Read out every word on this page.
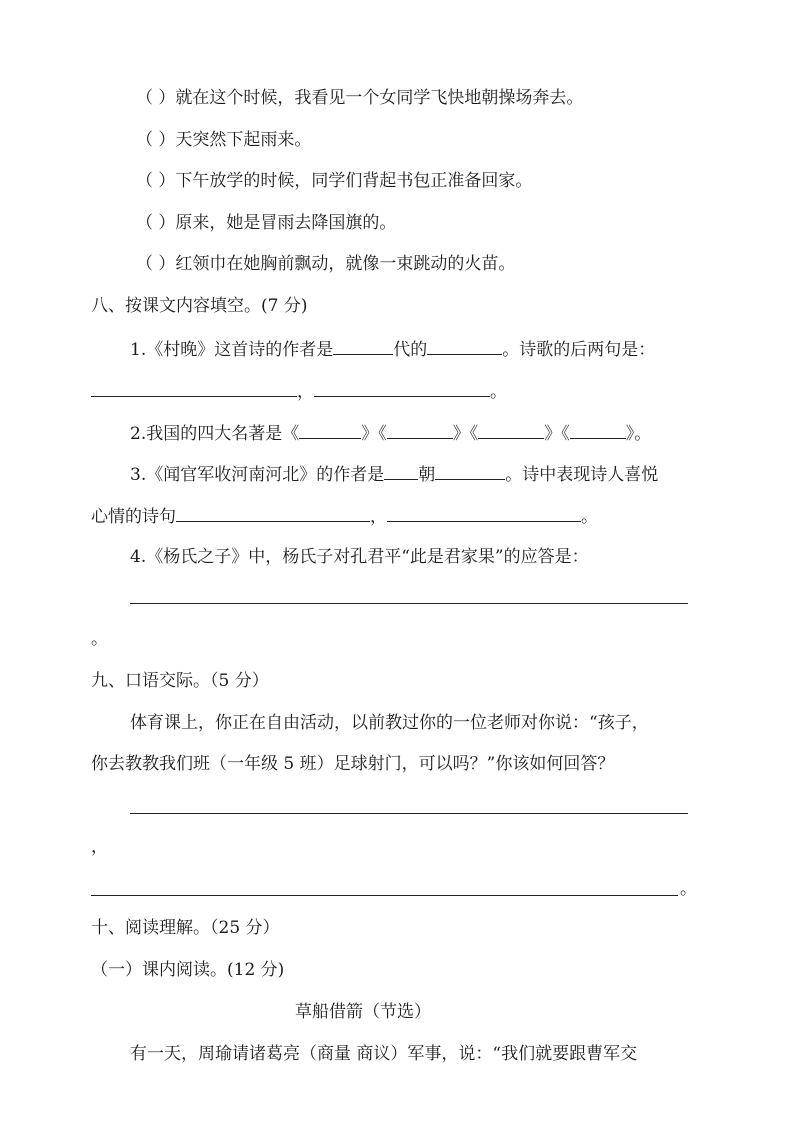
（ ）就在这个时候，我看见一个女同学飞快地朝操场奔去。
（ ）天突然下起雨来。
（ ）下午放学的时候，同学们背起书包正准备回家。
（ ）原来，她是冒雨去降国旗的。
（ ）红领巾在她胸前飘动，就像一束跳动的火苗。
八、按课文内容填空。(7 分)
1.《村晚》这首诗的作者是	代的	。诗歌的后两句是：
，	。
2.我国的四大名著是《	》《	》《	》《	》。
3.《闻官军收河南河北》的作者是 朝	。诗中表现诗人喜悦
心情的诗句	，	。
4.《杨氏之子》中，杨氏子对孔君平“此是君家果”的应答是：
。
九、口语交际。（5 分）
体育课上，你正在自由活动，以前教过你的一位老师对你说：“孩子，
你去教教我们班（一年级 5 班）足球射门，可以吗？”你该如何回答？
，
。
十、阅读理解。（25 分）
（一）课内阅读。(12 分)
草船借箭（节选）
有一天，周瑜请诸葛亮（商量 商议）军事，说：“我们就要跟曹军交
